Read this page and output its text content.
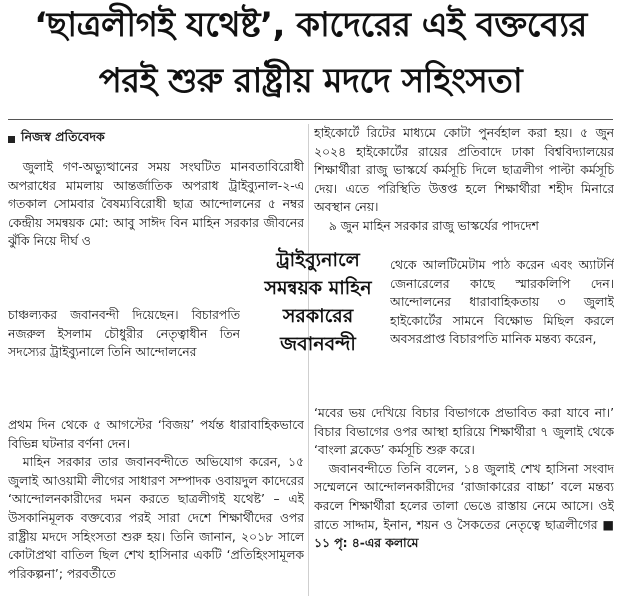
‘ছাত্রলীগই যথেষ্ট’, কাদেরের এই বক্তব্যের
পরই শুরু রাষ্ট্রীয় মদদে সহিংসতা
নিজস্ব প্রতিবেদক

জুলাই গণ-অভ্যুত্থানের সময় সংঘটিত মানবতাবিরোধী অপরাধের মামলায় আন্তর্জাতিক অপরাধ ট্রাইব্যুনাল-২-এ গতকাল সোমবার বৈষম্যবিরোধী ছাত্র আন্দোলনের ৫ নম্বর কেন্দ্রীয় সমন্বয়ক মো: আবু সাঈদ বিন মাহিন সরকার জীবনের ঝুঁকি নিয়ে দীর্ঘ ও

চাঞ্চল্যকর জবানবন্দী দিয়েছেন। বিচারপতি নজরুল ইসলাম চৌধুরীর নেতৃত্বাধীন তিন সদস্যের ট্রাইব্যুনালে তিনি আন্দোলনের

প্রথম দিন থেকে ৫ আগস্টের ‘বিজয়’ পর্যন্ত ধারাবাহিকভাবে বিভিন্ন ঘটনার বর্ণনা দেন।

মাহিন সরকার তার জবানবন্দীতে অভিযোগ করেন, ১৫ জুলাই আওয়ামী লীগের সাধারণ সম্পাদক ওবায়দুল কাদেরের ‘আন্দোলনকারীদের দমন করতে ছাত্রলীগই যথেষ্ট’ – এই উসকানিমূলক বক্তব্যের পরই সারা দেশে শিক্ষার্থীদের ওপর রাষ্ট্রীয় মদদে সহিংসতা শুরু হয়। তিনি জানান, ২০১৮ সালে কোটাপ্রথা বাতিল ছিল শেখ হাসিনার একটি ‘প্রতিহিংসামূলক পরিকল্পনা’; পরবর্তীতে

ট্রাইব্যুনালে
সমন্বয়ক মাহিন
সরকারের
জবানবন্দী

হাইকোর্টে রিটের মাধ্যমে কোটা পুনর্বহাল করা হয়। ৫ জুন ২০২৪ হাইকোর্টের রায়ের প্রতিবাদে ঢাকা বিশ্ববিদ্যালয়ের শিক্ষার্থীরা রাজু ভাস্কর্যে কর্মসূচি দিলে ছাত্রলীগ পাল্টা কর্মসূচি দেয়। এতে পরিস্থিতি উত্তপ্ত হলে শিক্ষার্থীরা শহীদ মিনারে অবস্থান নেয়।

৯ জুন মাহিন সরকার রাজু ভাস্কর্যের পাদদেশ

থেকে আলটিমেটাম পাঠ করেন এবং অ্যাটর্নি জেনারেলের কাছে স্মারকলিপি দেন। আন্দোলনের ধারাবাহিকতায় ৩ জুলাই হাইকোর্টের সামনে বিক্ষোভ মিছিল করলে অবসরপ্রাপ্ত বিচারপতি মানিক মন্তব্য করেন,

‘মবের ভয় দেখিয়ে বিচার বিভাগকে প্রভাবিত করা যাবে না।’ বিচার বিভাগের ওপর আস্থা হারিয়ে শিক্ষার্থীরা ৭ জুলাই থেকে ‘বাংলা ব্লকেড’ কর্মসূচি শুরু করে।

জবানবন্দীতে তিনি বলেন, ১৪ জুলাই শেখ হাসিনা সংবাদ সম্মেলনে আন্দোলনকারীদের ‘রাজাকারের বাচ্চা’ বলে মন্তব্য করলে শিক্ষার্থীরা হলের তালা ভেঙে রাস্তায় নেমে আসে। ওই রাতে সাদ্দাম, ইনান, শয়ন ও সৈকতের নেতৃত্বে ছাত্রলীগের ■ ১১ পৃ: ৪-এর কলামে
